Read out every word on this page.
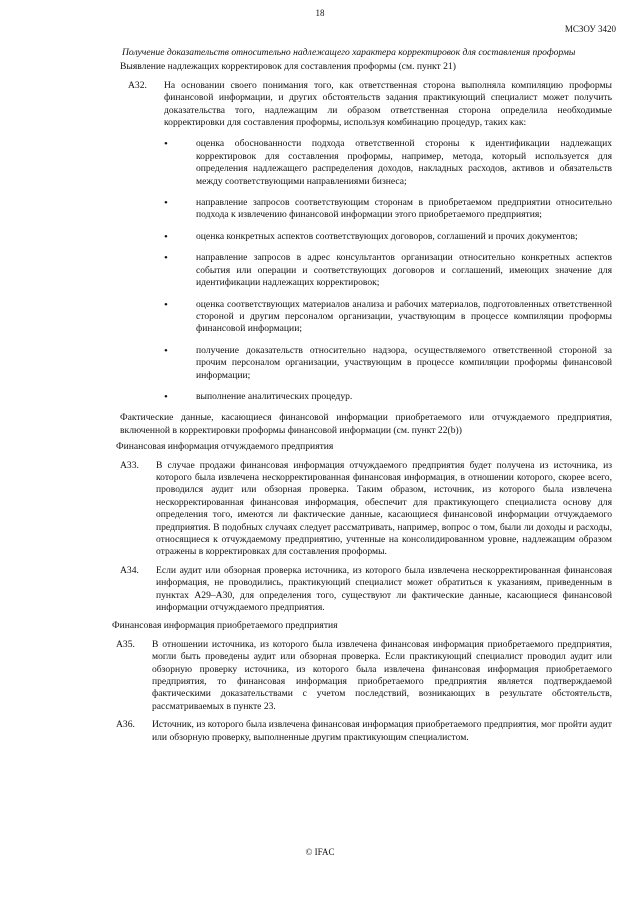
18
МСЗОУ 3420

Получение доказательств относительно надлежащего характера корректировок для составления проформы

Выявление надлежащих корректировок для составления проформы (см. пункт 21)

A32.	На основании своего понимания того, как ответственная сторона выполняла компиляцию проформы финансовой информации, и других обстоятельств задания практикующий специалист может получить доказательства того, надлежащим ли образом ответственная сторона определила необходимые корректировки для составления проформы, используя комбинацию процедур, таких как:
•	оценка обоснованности подхода ответственной стороны к идентификации надлежащих корректировок для составления проформы, например, метода, который используется для определения надлежащего распределения доходов, накладных расходов, активов и обязательств между соответствующими направлениями бизнеса;
•	направление запросов соответствующим сторонам в приобретаемом предприятии относительно подхода к извлечению финансовой информации этого приобретаемого предприятия;
•	оценка конкретных аспектов соответствующих договоров, соглашений и прочих документов;
•	направление запросов в адрес консультантов организации относительно конкретных аспектов события или операции и соответствующих договоров и соглашений, имеющих значение для идентификации надлежащих корректировок;
•	оценка соответствующих материалов анализа и рабочих материалов, подготовленных ответственной стороной и другим персоналом организации, участвующим в процессе компиляции проформы финансовой информации;
•	получение доказательств относительно надзора, осуществляемого ответственной стороной за прочим персоналом организации, участвующим в процессе компиляции проформы финансовой информации;
•	выполнение аналитических процедур.

Фактические данные, касающиеся финансовой информации приобретаемого или отчуждаемого предприятия, включенной в корректировки проформы финансовой информации (см. пункт 22(b))

Финансовая информация отчуждаемого предприятия

A33.	В случае продажи финансовая информация отчуждаемого предприятия будет получена из источника, из которого была извлечена нескорректированная финансовая информация, в отношении которого, скорее всего, проводился аудит или обзорная проверка. Таким образом, источник, из которого была извлечена нескорректированная финансовая информация, обеспечит для практикующего специалиста основу для определения того, имеются ли фактические данные, касающиеся финансовой информации отчуждаемого предприятия. В подобных случаях следует рассматривать, например, вопрос о том, были ли доходы и расходы, относящиеся к отчуждаемому предприятию, учтенные на консолидированном уровне, надлежащим образом отражены в корректировках для составления проформы.
A34.	Если аудит или обзорная проверка источника, из которого была извлечена нескорректированная финансовая информация, не проводились, практикующий специалист может обратиться к указаниям, приведенным в пунктах A29–A30, для определения того, существуют ли фактические данные, касающиеся финансовой информации отчуждаемого предприятия.

Финансовая информация приобретаемого предприятия

A35.	В отношении источника, из которого была извлечена финансовая информация приобретаемого предприятия, могли быть проведены аудит или обзорная проверка. Если практикующий специалист проводил аудит или обзорную проверку источника, из которого была извлечена финансовая информация приобретаемого предприятия, то финансовая информация приобретаемого предприятия является подтверждаемой фактическими доказательствами с учетом последствий, возникающих в результате обстоятельств, рассматриваемых в пункте 23.
A36.	Источник, из которого была извлечена финансовая информация приобретаемого предприятия, мог пройти аудит или обзорную проверку, выполненные другим практикующим специалистом.
© IFAC
